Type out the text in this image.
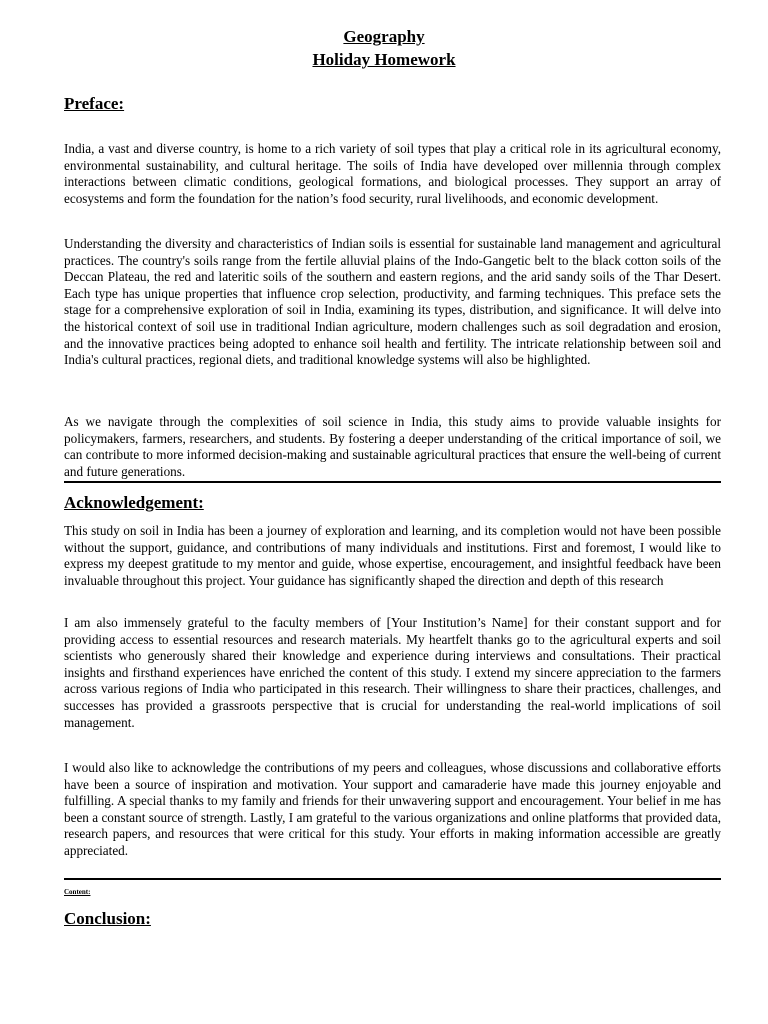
Geography
Holiday Homework
Preface:

India, a vast and diverse country, is home to a rich variety of soil types that play a critical role in its agricultural economy, environmental sustainability, and cultural heritage. The soils of India have developed over millennia through complex interactions between climatic conditions, geological formations, and biological processes. They support an array of ecosystems and form the foundation for the nation’s food security, rural livelihoods, and economic development.

Understanding the diversity and characteristics of Indian soils is essential for sustainable land management and agricultural practices. The country's soils range from the fertile alluvial plains of the Indo-Gangetic belt to the black cotton soils of the Deccan Plateau, the red and lateritic soils of the southern and eastern regions, and the arid sandy soils of the Thar Desert. Each type has unique properties that influence crop selection, productivity, and farming techniques. This preface sets the stage for a comprehensive exploration of soil in India, examining its types, distribution, and significance. It will delve into the historical context of soil use in traditional Indian agriculture, modern challenges such as soil degradation and erosion, and the innovative practices being adopted to enhance soil health and fertility. The intricate relationship between soil and India's cultural practices, regional diets, and traditional knowledge systems will also be highlighted.

As we navigate through the complexities of soil science in India, this study aims to provide valuable insights for policymakers, farmers, researchers, and students. By fostering a deeper understanding of the critical importance of soil, we can contribute to more informed decision-making and sustainable agricultural practices that ensure the well-being of current and future generations.

Acknowledgement:

This study on soil in India has been a journey of exploration and learning, and its completion would not have been possible without the support, guidance, and contributions of many individuals and institutions. First and foremost, I would like to express my deepest gratitude to my mentor and guide, whose expertise, encouragement, and insightful feedback have been invaluable throughout this project. Your guidance has significantly shaped the direction and depth of this research

I am also immensely grateful to the faculty members of [Your Institution’s Name] for their constant support and for providing access to essential resources and research materials. My heartfelt thanks go to the agricultural experts and soil scientists who generously shared their knowledge and experience during interviews and consultations. Their practical insights and firsthand experiences have enriched the content of this study. I extend my sincere appreciation to the farmers across various regions of India who participated in this research. Their willingness to share their practices, challenges, and successes has provided a grassroots perspective that is crucial for understanding the real-world implications of soil management.

I would also like to acknowledge the contributions of my peers and colleagues, whose discussions and collaborative efforts have been a source of inspiration and motivation. Your support and camaraderie have made this journey enjoyable and fulfilling. A special thanks to my family and friends for their unwavering support and encouragement. Your belief in me has been a constant source of strength. Lastly, I am grateful to the various organizations and online platforms that provided data, research papers, and resources that were critical for this study. Your efforts in making information accessible are greatly appreciated.

Content:
Conclusion:
